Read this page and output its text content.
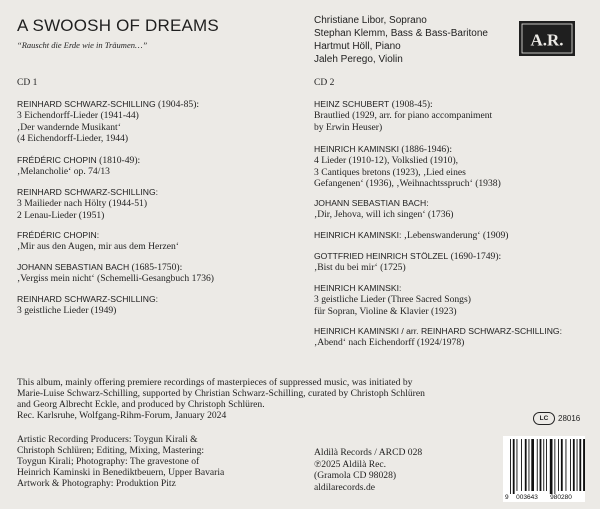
A SWOOSH OF DREAMS
“Rauscht die Erde wie in Träumen…”
Christiane Libor, Soprano
Stephan Klemm, Bass & Bass-Baritone
Hartmut Höll, Piano
Jaleh Perego, Violin
A.R.
CD 1	CD 2
REINHARD SCHWARZ-SCHILLING (1904-85):
3 Eichendorff-Lieder (1941-44)
‚Der wandernde Musikant‘
(4 Eichendorff-Lieder, 1944)
FRÉDÉRIC CHOPIN (1810-49):
‚Melancholie‘ op. 74/13
REINHARD SCHWARZ-SCHILLING:
3 Mailieder nach Hölty (1944-51)
2 Lenau-Lieder (1951)
FRÉDÉRIC CHOPIN:
‚Mir aus den Augen, mir aus dem Herzen‘
JOHANN SEBASTIAN BACH (1685-1750):
‚Vergiss mein nicht‘ (Schemelli-Gesangbuch 1736)
REINHARD SCHWARZ-SCHILLING:
3 geistliche Lieder (1949)
HEINZ SCHUBERT (1908-45):
Brautlied (1929, arr. for piano accompaniment
by Erwin Heuser)
HEINRICH KAMINSKI (1886-1946):
4 Lieder (1910-12), Volkslied (1910),
3 Cantiques bretons (1923), ‚Lied eines
Gefangenen‘ (1936), ‚Weihnachtsspruch‘ (1938)
JOHANN SEBASTIAN BACH:
‚Dir, Jehova, will ich singen‘ (1736)
HEINRICH KAMINSKI: ‚Lebenswanderung‘ (1909)
GOTTFRIED HEINRICH STÖLZEL (1690-1749):
‚Bist du bei mir‘ (1725)
HEINRICH KAMINSKI:
3 geistliche Lieder (Three Sacred Songs)
für Sopran, Violine & Klavier (1923)
HEINRICH KAMINSKI / arr. REINHARD SCHWARZ-SCHILLING:
‚Abend‘ nach Eichendorff (1924/1978)
This album, mainly offering premiere recordings of masterpieces of suppressed music, was initiated by
Marie-Luise Schwarz-Schilling, supported by Christian Schwarz-Schilling, curated by Christoph Schlüren
and Georg Albrecht Eckle, and produced by Christoph Schlüren.
Rec. Karlsruhe, Wolfgang-Rihm-Forum, January 2024	LC	28016
Artistic Recording Producers: Toygun Kirali &
Christoph Schlüren; Editing, Mixing, Mastering:
Toygun Kirali; Photography: The gravestone of
Heinrich Kaminski in Benediktbeuern, Upper Bavaria
Artwork & Photography: Produktion Pitz
Aldilà Records / ARCD 028
℗2025 Aldilà Rec.
(Gramola CD 98028)
aldilarecords.de
9 003643 980280
